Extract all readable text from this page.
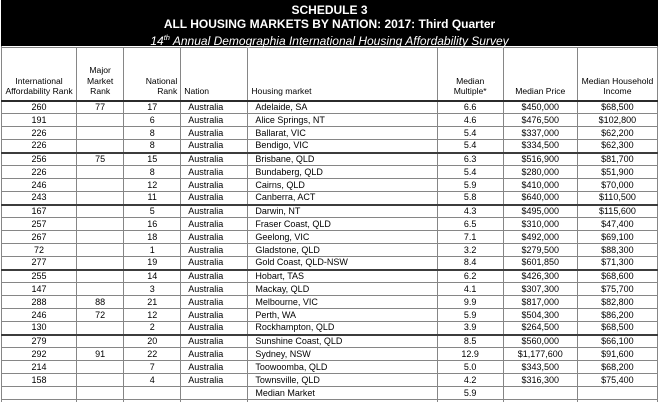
SCHEDULE 3
ALL HOUSING MARKETS BY NATION: 2017: Third Quarter
14th Annual Demographia International Housing Affordability Survey
International Affordability Rank	Major Market Rank	National Rank	Nation	Housing market	Median Multiple*	Median Price	Median Household Income
260	77	17	Australia	Adelaide, SA	6.6	$450,000	$68,500
191		6	Australia	Alice Springs, NT	4.6	$476,500	$102,800
226		8	Australia	Ballarat, VIC	5.4	$337,000	$62,200
226		8	Australia	Bendigo, VIC	5.4	$334,500	$62,300
256	75	15	Australia	Brisbane, QLD	6.3	$516,900	$81,700
226		8	Australia	Bundaberg, QLD	5.4	$280,000	$51,900
246		12	Australia	Cairns, QLD	5.9	$410,000	$70,000
243		11	Australia	Canberra, ACT	5.8	$640,000	$110,500
167		5	Australia	Darwin, NT	4.3	$495,000	$115,600
257		16	Australia	Fraser Coast, QLD	6.5	$310,000	$47,400
267		18	Australia	Geelong, VIC	7.1	$492,000	$69,100
72		1	Australia	Gladstone, QLD	3.2	$279,500	$88,300
277		19	Australia	Gold Coast, QLD-NSW	8.4	$601,850	$71,300
255		14	Australia	Hobart, TAS	6.2	$426,300	$68,600
147		3	Australia	Mackay, QLD	4.1	$307,300	$75,700
288	88	21	Australia	Melbourne, VIC	9.9	$817,000	$82,800
246	72	12	Australia	Perth, WA	5.9	$504,300	$86,200
130		2	Australia	Rockhampton, QLD	3.9	$264,500	$68,500
279		20	Australia	Sunshine Coast, QLD	8.5	$560,000	$66,100
292	91	22	Australia	Sydney, NSW	12.9	$1,177,600	$91,600
214		7	Australia	Toowoomba, QLD	5.0	$343,500	$68,200
158		4	Australia	Townsville, QLD	4.2	$316,300	$75,400
				Median Market	5.9		
